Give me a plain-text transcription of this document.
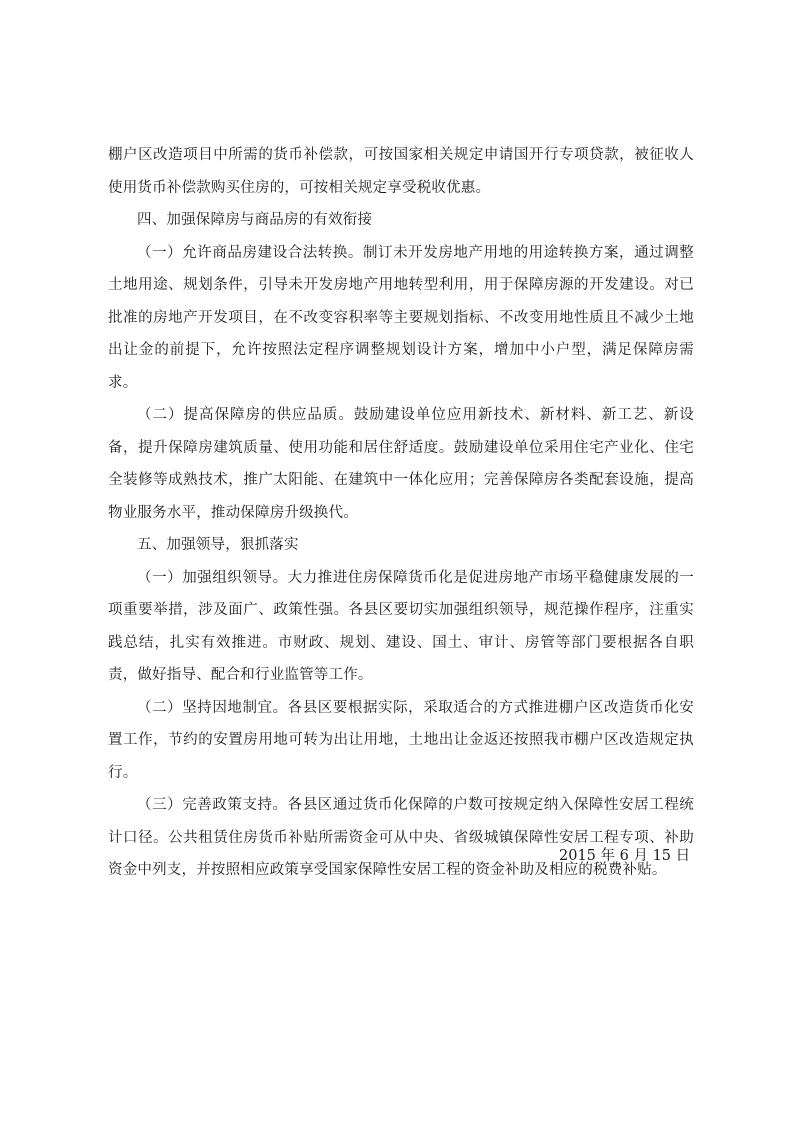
棚户区改造项目中所需的货币补偿款，可按国家相关规定申请国开行专项贷款，被征收人使用货币补偿款购买住房的，可按相关规定享受税收优惠。

四、加强保障房与商品房的有效衔接

（一）允许商品房建设合法转换。制订未开发房地产用地的用途转换方案，通过调整土地用途、规划条件，引导未开发房地产用地转型利用，用于保障房源的开发建设。对已批准的房地产开发项目，在不改变容积率等主要规划指标、不改变用地性质且不减少土地出让金的前提下，允许按照法定程序调整规划设计方案，增加中小户型，满足保障房需求。

（二）提高保障房的供应品质。鼓励建设单位应用新技术、新材料、新工艺、新设备，提升保障房建筑质量、使用功能和居住舒适度。鼓励建设单位采用住宅产业化、住宅全装修等成熟技术，推广太阳能、在建筑中一体化应用；完善保障房各类配套设施，提高物业服务水平，推动保障房升级换代。

五、加强领导，狠抓落实

（一）加强组织领导。大力推进住房保障货币化是促进房地产市场平稳健康发展的一项重要举措，涉及面广、政策性强。各县区要切实加强组织领导，规范操作程序，注重实践总结，扎实有效推进。市财政、规划、建设、国土、审计、房管等部门要根据各自职责，做好指导、配合和行业监管等工作。

（二）坚持因地制宜。各县区要根据实际，采取适合的方式推进棚户区改造货币化安置工作，节约的安置房用地可转为出让用地，土地出让金返还按照我市棚户区改造规定执行。

（三）完善政策支持。各县区通过货币化保障的户数可按规定纳入保障性安居工程统计口径。公共租赁住房货币补贴所需资金可从中央、省级城镇保障性安居工程专项、补助资金中列支，并按照相应政策享受国家保障性安居工程的资金补助及相应的税费补贴。

2015 年 6 月 15 日
